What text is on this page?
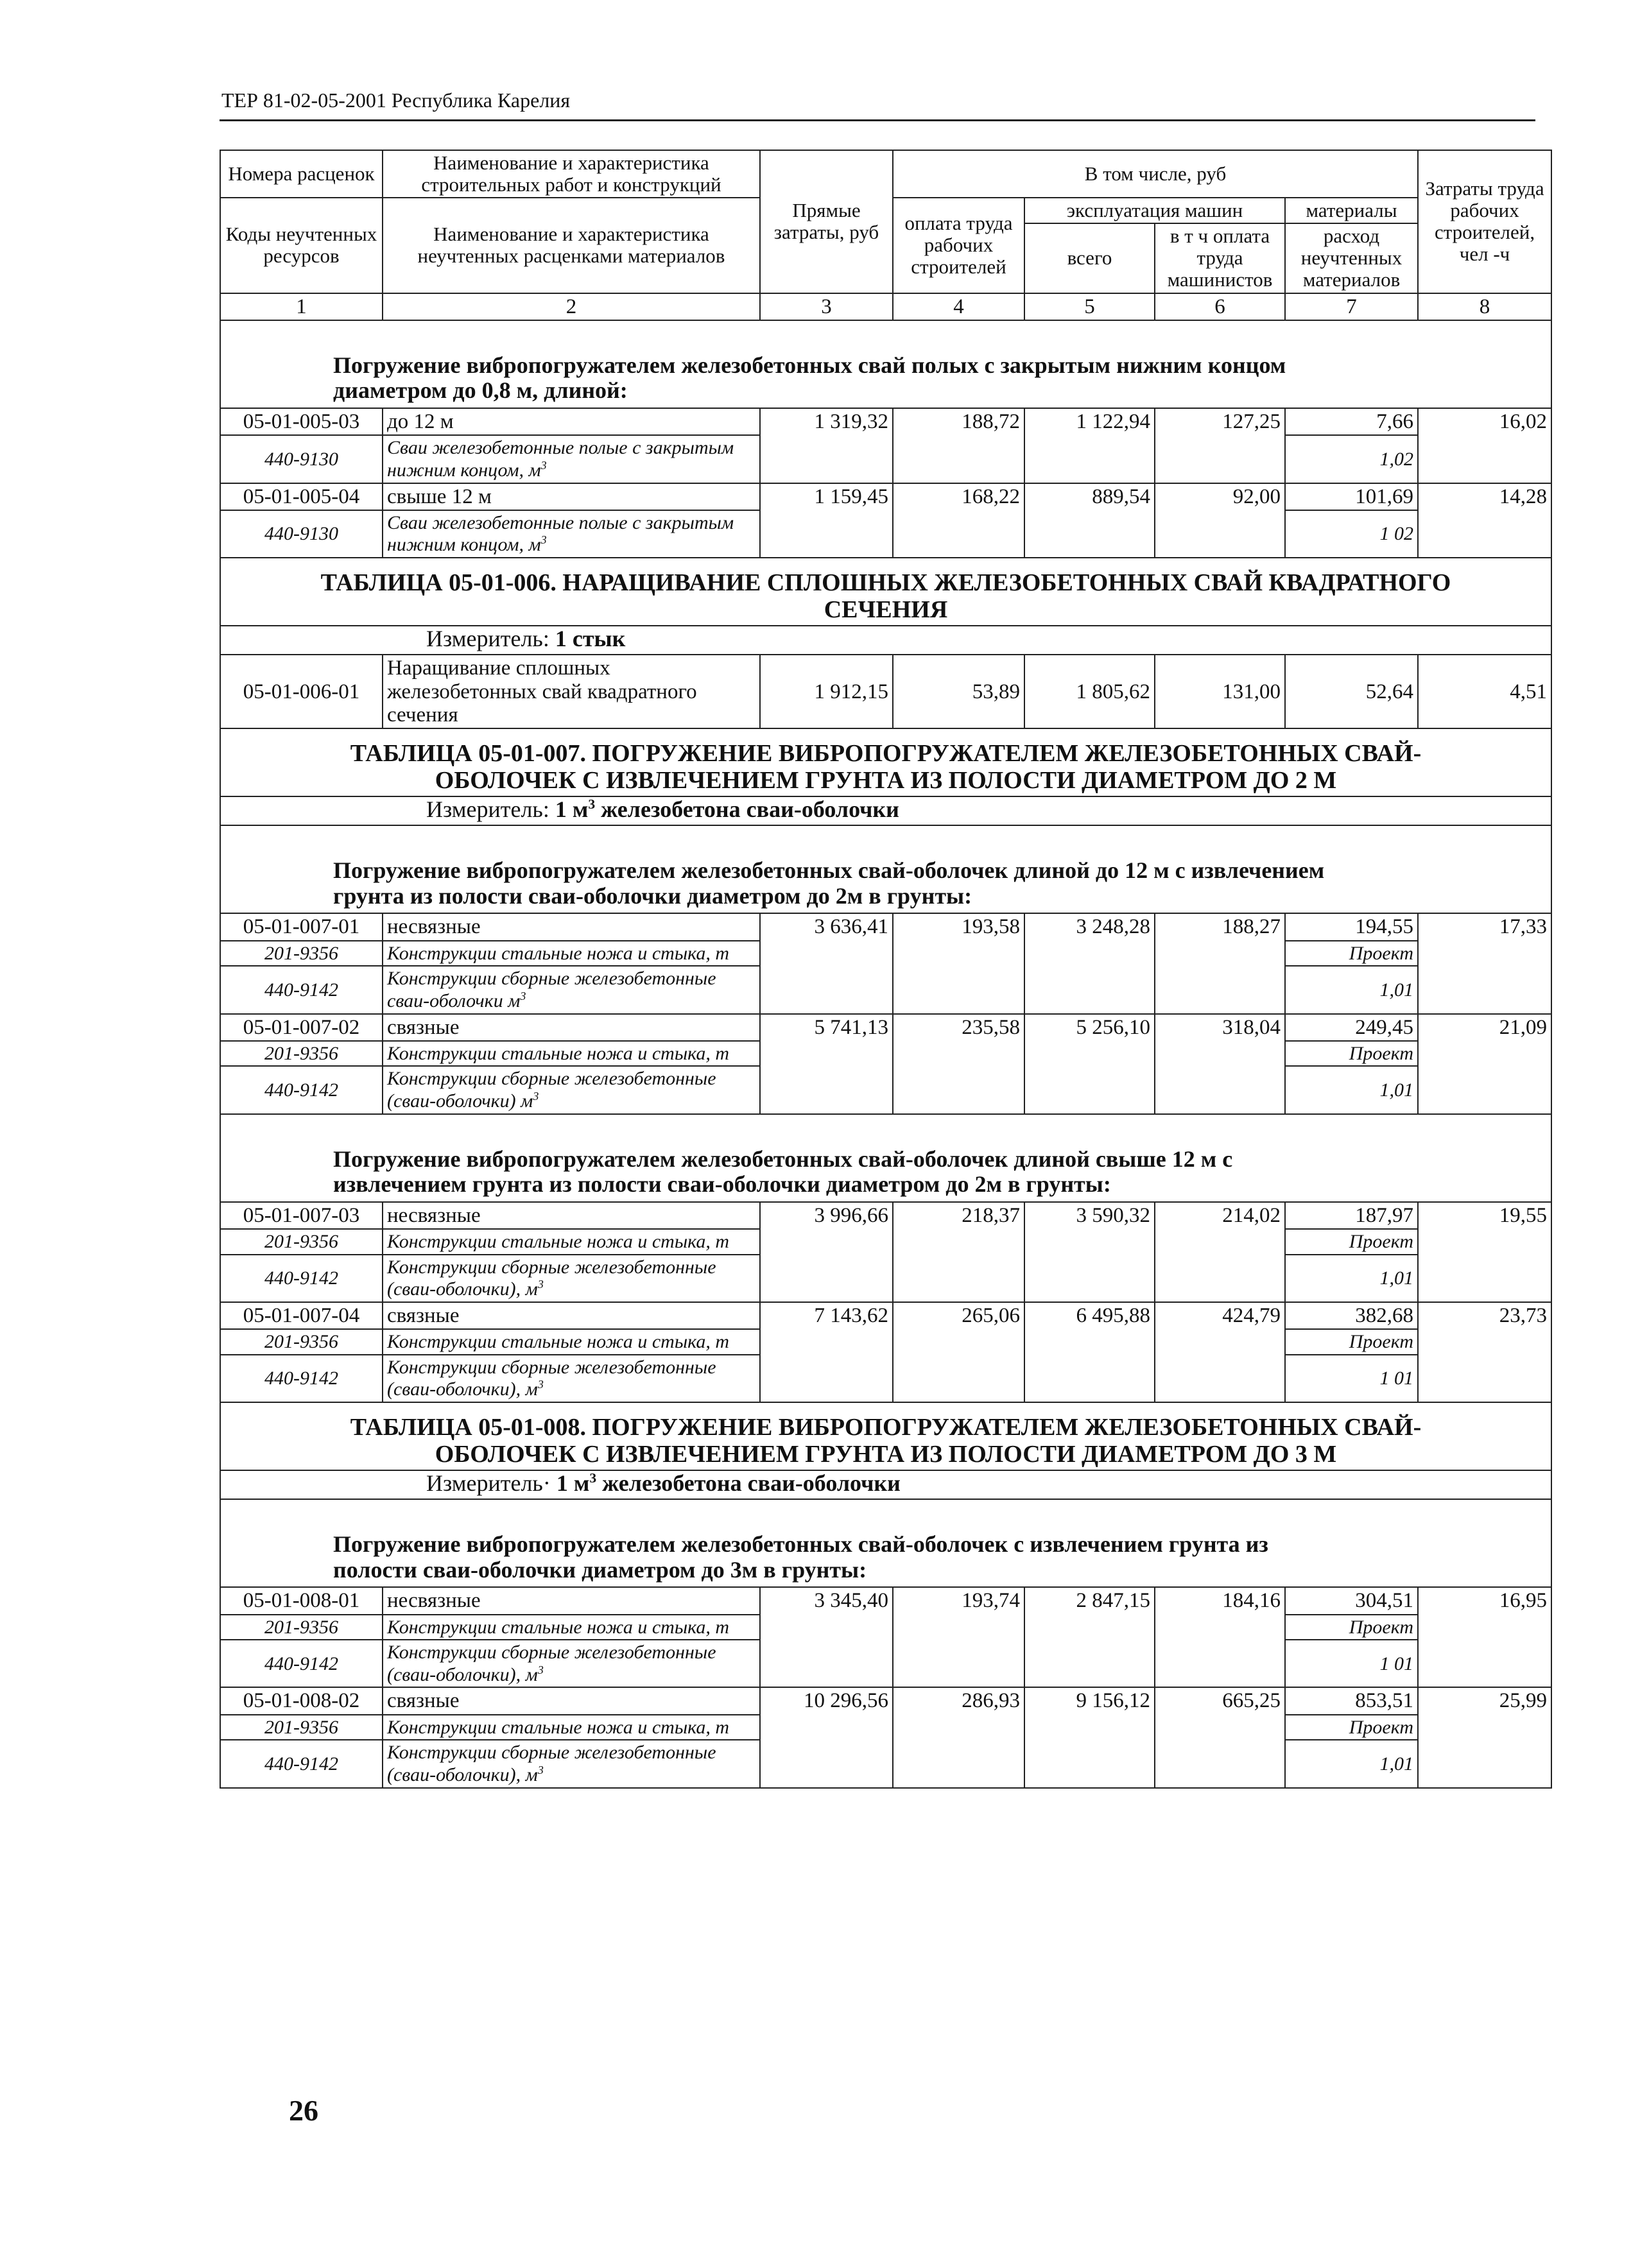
ТЕР 81-02-05-2001 Республика Карелия
Номера расценок	Наименование и характеристика строительных работ и конструкций	Прямые затраты, руб	В том числе, руб				Затраты труда рабочих строителей, чел -ч
Коды неучтенных ресурсов	Наименование и характеристика неучтенных расценками материалов		оплата труда рабочих строителей	эксплуатация машин		материалы	
				всего	в т ч оплата труда машинистов	расход неучтенных материалов	

1	2	3	4	5	6	7	8
Погружение вибропогружателем железобетонных свай полых с закрытым нижним концом
диаметром до 0,8 м, длиной:							
05-01-005-03	до 12 м	1 319,32	188,72	1 122,94	127,25	7,66	16,02
440-9130	Сваи железобетонные полые с закрытым нижним концом, $м^3$					1,02	
05-01-005-04	свыше 12 м	1 159,45	168,22	889,54	92,00	101,69	14,28
440-9130	Сваи железобетонные полые с закрытым нижним концом, $м^3$					1 02	
ТАБЛИЦА 05-01-006. НАРАЩИВАНИЕ СПЛОШНЫХ ЖЕЛЕЗОБЕТОННЫХ СВАЙ КВАДРАТНОГО
СЕЧЕНИЯ							
Измеритель: 1 стык							
05-01-006-01	Наращивание сплошных железобетонных свай квадратного сечения	1 912,15	53,89	1 805,62	131,00	52,64	4,51
ТАБЛИЦА 05-01-007. ПОГРУЖЕНИЕ ВИБРОПОГРУЖАТЕЛЕМ ЖЕЛЕЗОБЕТОННЫХ СВАЙ-
ОБОЛОЧЕК С ИЗВЛЕЧЕНИЕМ ГРУНТА ИЗ ПОЛОСТИ ДИАМЕТРОМ ДО 2 М							
Измеритель: 1 $м^3$ железобетона сваи-оболочки							
Погружение вибропогружателем железобетонных свай-оболочек длиной до 12 м с извлечением
грунта из полости сваи-оболочки диаметром до 2м в грунты:							
05-01-007-01	несвязные	3 636,41	193,58	3 248,28	188,27	194,55	17,33
201-9356	Конструкции стальные ножа и стыка, т					Проект	
440-9142	Конструкции сборные железобетонные сваи-оболочки $м^3$					1,01	
05-01-007-02	связные	5 741,13	235,58	5 256,10	318,04	249,45	21,09
201-9356	Конструкции стальные ножа и стыка, т					Проект	
440-9142	Конструкции сборные железобетонные (сваи-оболочки) $м^3$					1,01	
Погружение вибропогружателем железобетонных свай-оболочек длиной свыше 12 м с
извлечением грунта из полости сваи-оболочки диаметром до 2м в грунты:							
05-01-007-03	несвязные	3 996,66	218,37	3 590,32	214,02	187,97	19,55
201-9356	Конструкции стальные ножа и стыка, т					Проект	
440-9142	Конструкции сборные железобетонные (сваи-оболочки), $м^3$					1,01	
05-01-007-04	связные	7 143,62	265,06	6 495,88	424,79	382,68	23,73
201-9356	Конструкции стальные ножа и стыка, т					Проект	
440-9142	Конструкции сборные железобетонные (сваи-оболочки), $м^3$					1 01	
ТАБЛИЦА 05-01-008. ПОГРУЖЕНИЕ ВИБРОПОГРУЖАТЕЛЕМ ЖЕЛЕЗОБЕТОННЫХ СВАЙ-
ОБОЛОЧЕК С ИЗВЛЕЧЕНИЕМ ГРУНТА ИЗ ПОЛОСТИ ДИАМЕТРОМ ДО 3 М							
Измеритель· 1 $м^3$ железобетона сваи-оболочки							
Погружение вибропогружателем железобетонных свай-оболочек с извлечением грунта из
полости сваи-оболочки диаметром до 3м в грунты:							
05-01-008-01	несвязные	3 345,40	193,74	2 847,15	184,16	304,51	16,95
201-9356	Конструкции стальные ножа и стыка, т					Проект	
440-9142	Конструкции сборные железобетонные (сваи-оболочки), $м^3$					1 01	
05-01-008-02	связные	10 296,56	286,93	9 156,12	665,25	853,51	25,99
201-9356	Конструкции стальные ножа и стыка, т					Проект	
440-9142	Конструкции сборные железобетонные (сваи-оболочки), $м^3$					1,01	
26
